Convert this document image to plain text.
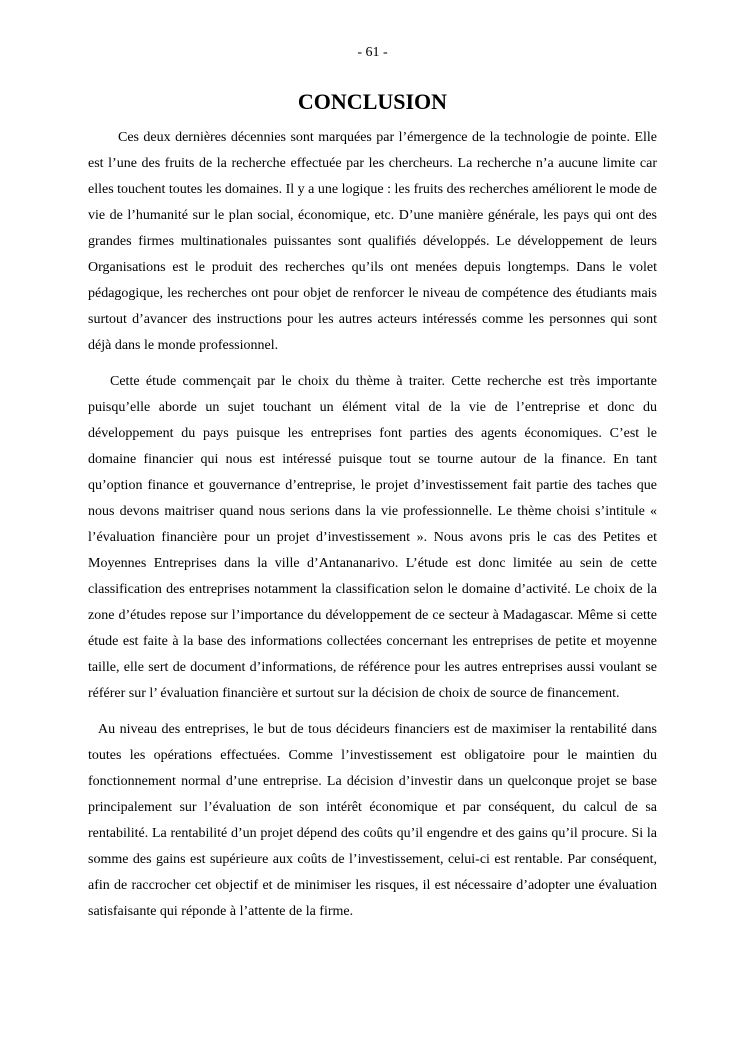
- 61 -
CONCLUSION

Ces deux dernières décennies sont marquées par l’émergence de la technologie de pointe. Elle est l’une des fruits de la recherche effectuée par les chercheurs. La recherche n’a aucune limite car elles touchent toutes les domaines. Il y a une logique : les fruits des recherches améliorent le mode de vie de l’humanité sur le plan social, économique, etc. D’une manière générale, les pays qui ont des grandes firmes multinationales puissantes sont qualifiés développés. Le développement de leurs Organisations est le produit des recherches qu’ils ont menées depuis longtemps. Dans le volet pédagogique, les recherches ont pour objet de renforcer le niveau de compétence des étudiants mais surtout d’avancer des instructions pour les autres acteurs intéressés comme les personnes qui sont déjà dans le monde professionnel.

Cette étude commençait par le choix du thème à traiter. Cette recherche est très importante puisqu’elle aborde un sujet touchant un élément vital de la vie de l’entreprise et donc du développement du pays puisque les entreprises font parties des agents économiques. C’est le domaine financier qui nous est intéressé puisque tout se tourne autour de la finance. En tant qu’option finance et gouvernance d’entreprise, le projet d’investissement fait partie des taches que nous devons maitriser quand nous serions dans la vie professionnelle. Le thème choisi s’intitule « l’évaluation financière pour un projet d’investissement ». Nous avons pris le cas des Petites et Moyennes Entreprises dans la ville d’Antananarivo. L’étude est donc limitée au sein de cette classification des entreprises notamment la classification selon le domaine d’activité. Le choix de la zone d’études repose sur l’importance du développement de ce secteur à Madagascar. Même si cette étude est faite à la base des informations collectées concernant les entreprises de petite et moyenne taille, elle sert de document d’informations, de référence pour les autres entreprises aussi voulant se référer sur l’ évaluation financière et surtout sur la décision de choix de source de financement.

Au niveau des entreprises, le but de tous décideurs financiers est de maximiser la rentabilité dans toutes les opérations effectuées. Comme l’investissement est obligatoire pour le maintien du fonctionnement normal d’une entreprise. La décision d’investir dans un quelconque projet se base principalement sur l’évaluation de son intérêt économique et par conséquent, du calcul de sa rentabilité. La rentabilité d’un projet dépend des coûts qu’il engendre et des gains qu’il procure. Si la somme des gains est supérieure aux coûts de l’investissement, celui-ci est rentable. Par conséquent, afin de raccrocher cet objectif et de minimiser les risques, il est nécessaire d’adopter une évaluation satisfaisante qui réponde à l’attente de la firme.
